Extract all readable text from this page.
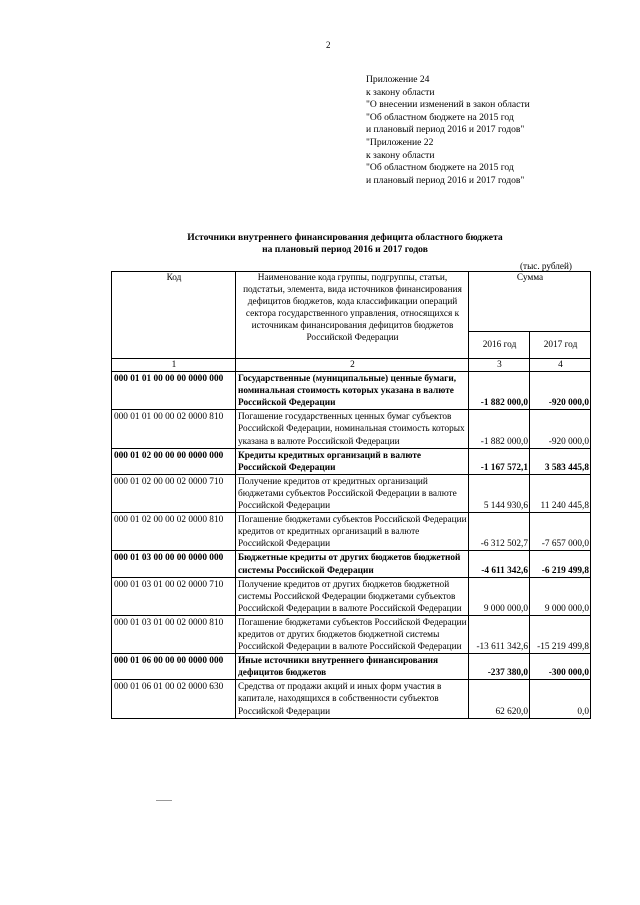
2
Приложение 24
к закону области
"О внесении изменений в закон области
"Об областном бюджете на 2015 год
и плановый период 2016 и 2017 годов"
"Приложение 22
к закону области
"Об областном бюджете на 2015 год
и плановый период 2016 и 2017 годов"
Источники внутреннего финансирования дефицита областного бюджета
на плановый период 2016 и 2017 годов
(тыс. рублей)
Код	Наименование кода группы, подгруппы, статьи, подстатьи, элемента, вида источников финансирования дефицитов бюджетов, кода классификации операций сектора государственного управления, относящихся к источникам финансирования дефицитов бюджетов Российской Федерации	Сумма	
		2016 год	2017 год
1	2	3	4
000 01 01 00 00 00 0000 000	Государственные (муниципальные) ценные бумаги, номинальная стоимость которых указана в валюте Российской Федерации	-1 882 000,0	-920 000,0
000 01 01 00 00 02 0000 810	Погашение государственных ценных бумаг субъектов Российской Федерации, номинальная стоимость которых указана в валюте Российской Федерации	-1 882 000,0	-920 000,0
000 01 02 00 00 00 0000 000	Кредиты кредитных организаций в валюте Российской Федерации	-1 167 572,1	3 583 445,8
000 01 02 00 00 02 0000 710	Получение кредитов от кредитных организаций бюджетами субъектов Российской Федерации в валюте Российской Федерации	5 144 930,6	11 240 445,8
000 01 02 00 00 02 0000 810	Погашение бюджетами субъектов Российской Федерации кредитов от кредитных организаций в валюте Российской Федерации	-6 312 502,7	-7 657 000,0
000 01 03 00 00 00 0000 000	Бюджетные кредиты от других бюджетов бюджетной системы Российской Федерации	-4 611 342,6	-6 219 499,8
000 01 03 01 00 02 0000 710	Получение кредитов от других бюджетов бюджетной системы Российской Федерации бюджетами субъектов Российской Федерации в валюте Российской Федерации	9 000 000,0	9 000 000,0
000 01 03 01 00 02 0000 810	Погашение бюджетами субъектов Российской Федерации кредитов от других бюджетов бюджетной системы Российской Федерации в валюте Российской Федерации	-13 611 342,6	-15 219 499,8
000 01 06 00 00 00 0000 000	Иные источники внутреннего финансирования дефицитов бюджетов	-237 380,0	-300 000,0
000 01 06 01 00 02 0000 630	Средства от продажи акций и иных форм участия в капитале, находящихся в собственности субъектов Российской Федерации	62 620,0	0,0
